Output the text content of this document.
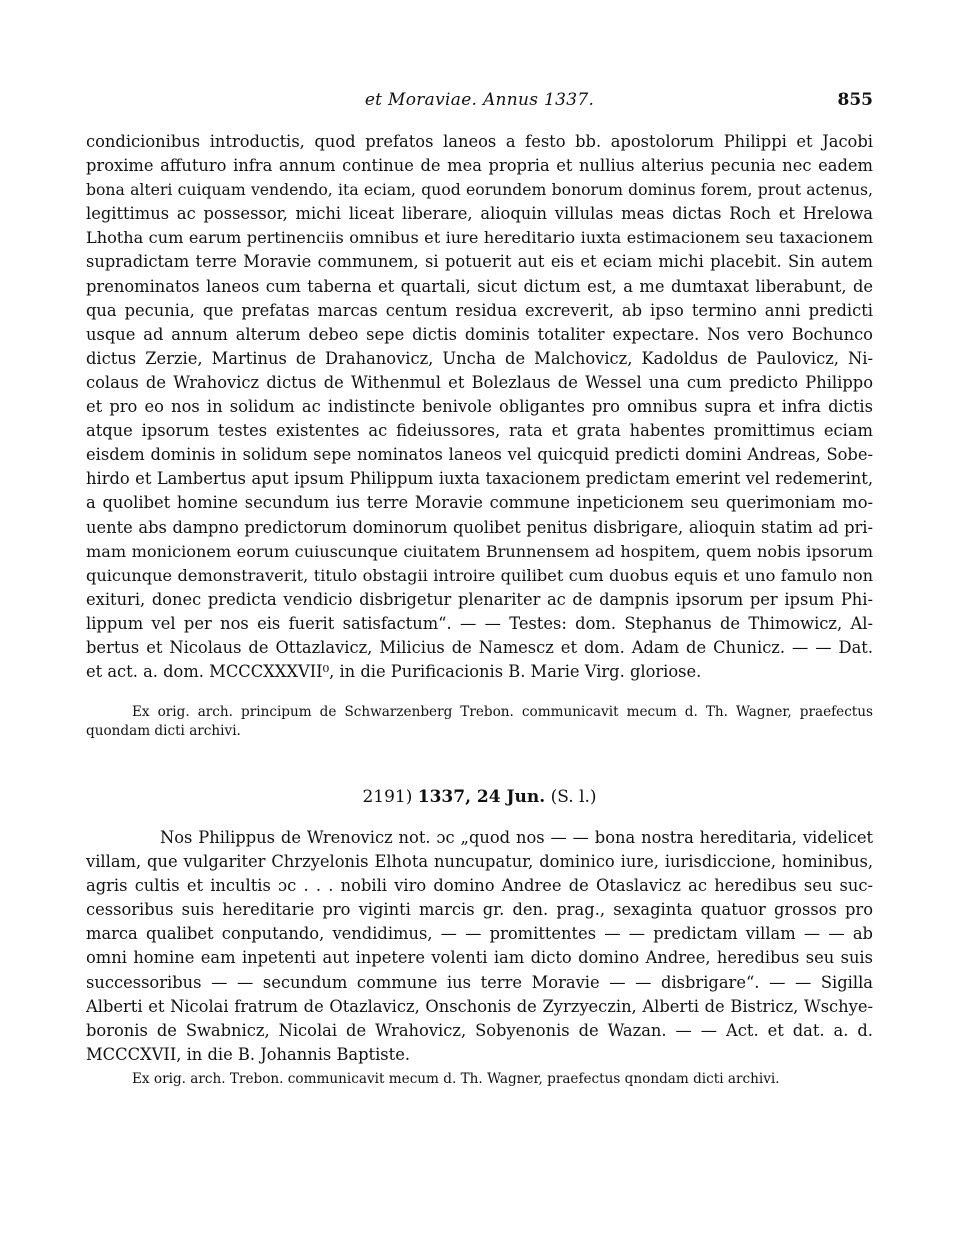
et Moraviae. Annus 1337.	855
condicionibus introductis, quod prefatos laneos a festo bb. apostolorum Philippi et Jacobi
proxime affuturo infra annum continue de mea propria et nullius alterius pecunia nec eadem
bona alteri cuiquam vendendo, ita eciam, quod eorundem bonorum dominus forem, prout actenus,
legittimus ac possessor, michi liceat liberare, alioquin villulas meas dictas Roch et Hrelowa
Lhotha cum earum pertinenciis omnibus et iure hereditario iuxta estimacionem seu taxacionem
supradictam terre Moravie communem, si potuerit aut eis et eciam michi placebit. Sin autem
prenominatos laneos cum taberna et quartali, sicut dictum est, a me dumtaxat liberabunt, de
qua pecunia, que prefatas marcas centum residua excreverit, ab ipso termino anni predicti
usque ad annum alterum debeo sepe dictis dominis totaliter expectare. Nos vero Bochunco
dictus Zerzie, Martinus de Drahanovicz, Uncha de Malchovicz, Kadoldus de Paulovicz, Ni-
colaus de Wrahovicz dictus de Withenmul et Bolezlaus de Wessel una cum predicto Philippo
et pro eo nos in solidum ac indistincte benivole obligantes pro omnibus supra et infra dictis
atque ipsorum testes existentes ac fideiussores, rata et grata habentes promittimus eciam
eisdem dominis in solidum sepe nominatos laneos vel quicquid predicti domini Andreas, Sobe-
hirdo et Lambertus aput ipsum Philippum iuxta taxacionem predictam emerint vel redemerint,
a quolibet homine secundum ius terre Moravie commune inpeticionem seu querimoniam mo-
uente abs dampno predictorum dominorum quolibet penitus disbrigare, alioquin statim ad pri-
mam monicionem eorum cuiuscunque ciuitatem Brunnensem ad hospitem, quem nobis ipsorum
quicunque demonstraverit, titulo obstagii introire quilibet cum duobus equis et uno famulo non
exituri, donec predicta vendicio disbrigetur plenariter ac de dampnis ipsorum per ipsum Phi-
lippum vel per nos eis fuerit satisfactum“. — — Testes: dom. Stephanus de Thimowicz, Al-
bertus et Nicolaus de Ottazlavicz, Milicius de Namescz et dom. Adam de Chunicz. — — Dat.
et act. a. dom. MCCCXXXVII⁰, in die Purificacionis B. Marie Virg. gloriose.
Ex orig. arch. principum de Schwarzenberg Trebon. communicavit mecum d. Th. Wagner, praefectus
quondam dicti archivi.
2191) 1337, 24 Jun. (S. l.)
Nos Philippus de Wrenovicz not. ɔc „quod nos — — bona nostra hereditaria, videlicet
villam, que vulgariter Chrzyelonis Elhota nuncupatur, dominico iure, iurisdiccione, hominibus,
agris cultis et incultis ɔc . . . nobili viro domino Andree de Otaslavicz ac heredibus seu suc-
cessoribus suis hereditarie pro viginti marcis gr. den. prag., sexaginta quatuor grossos pro
marca qualibet conputando, vendidimus, — — promittentes — — predictam villam — — ab
omni homine eam inpetenti aut inpetere volenti iam dicto domino Andree, heredibus seu suis
successoribus — — secundum commune ius terre Moravie — — disbrigare“. — — Sigilla
Alberti et Nicolai fratrum de Otazlavicz, Onschonis de Zyrzyeczin, Alberti de Bistricz, Wschye-
boronis de Swabnicz, Nicolai de Wrahovicz, Sobyenonis de Wazan. — — Act. et dat. a. d.
MCCCXVII, in die B. Johannis Baptiste.
Ex orig. arch. Trebon. communicavit mecum d. Th. Wagner, praefectus qnondam dicti archivi.
